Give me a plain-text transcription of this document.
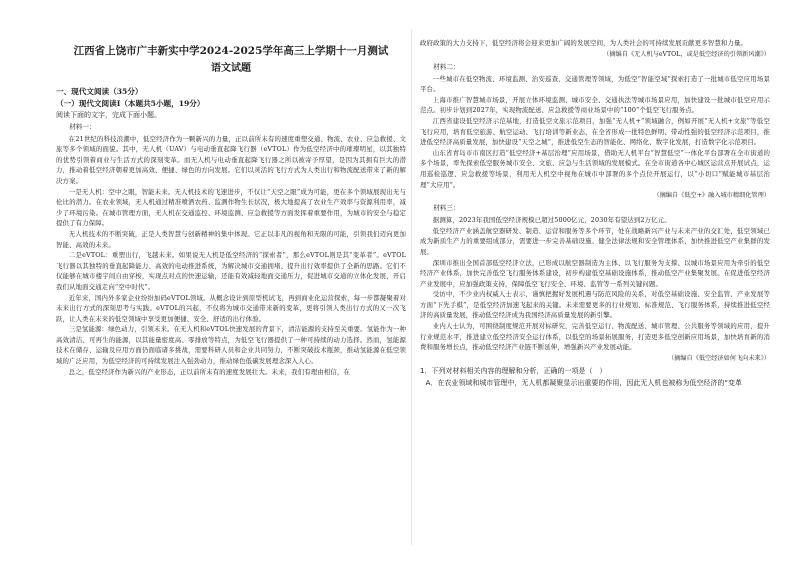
江西省上饶市广丰新实中学2024-2025学年高三上学期十一月测试
语文试题

一、现代文阅读（35分）

（一）现代文阅读Ⅰ（本题共5小题，19分）

阅读下面的文字，完成下面小题。

材料一：

在21世纪的科技浪潮中，低空经济作为一颗新兴的力量，正以前所未有的速度重塑交通、物流、农业、应急救援、文旅等多个领域的面貌。其中，无人机（UAV）与电动垂直起降飞行器（eVTOL）作为低空经济中的璀璨明星，以其独特的优势引领着商业与生活方式的深刻变革。而无人机与电动垂直起降飞行器之所以被寄予厚望，是因为其拥有巨大的潜力，推动着低空经济朝着更加高效、便捷、绿色的方向发展。它们以灵活的飞行方式为人类出行和物流配送带来了新的解决方案。

一是无人机：空中之眼，智能未来。无人机技术的飞速进步，不仅让“天空之眼”成为可能，更在多个领域展现出无与伦比的潜力。在农业领域，无人机通过精准喷洒农药、监测作物生长状况，极大地提高了农业生产效率与资源利用率，减少了环境污染。在城市管理方面，无人机在交通监控、环境监测、应急救援等方面发挥着重要作用，为城市的安全与稳定提供了有力保障。

无人机技术的不断突破，正是人类智慧与创新精神的集中体现。它正以非凡的视角和无限的可能，引领我们迈向更加智能、高效的未来。

二是eVTOL：重塑出行，飞越未来。如果说无人机是低空经济的“探索者”，那么eVTOL则是其“变革者”。eVTOL飞行器以其独特的垂直起降能力、高效的电动推进系统，为解决城市交通拥堵、提升出行效率提供了全新的思路。它们不仅能够在城市楼宇间自由穿梭，实现点对点的快速运输，还能有效减轻地面交通压力，促进城市交通的立体化发展，开启我们从地面交通走向“空中时代”。

近年来，国内外多家企业纷纷加码eVTOL领域。从概念设计到原型机试飞，再到商业化运营探索，每一步都凝聚着对未来出行方式的深刻思考与实践。eVTOL的兴起，不仅将为城市交通带来新的变革，更将引领人类出行方式的又一次飞跃，让人类在未来的低空领域中享受更加便捷、安全、舒适的出行体验。

三是氢能源：绿色动力，引领未来。在无人机和eVTOL快速发展的背景下，清洁能源的支持至关重要。氢能作为一种高效清洁、可再生的能源，以其能量密度高、零排放等特点，为低空飞行器提供了一种可持续的动力选择。然而，氢能源技术在储存、运输及应用方面仍面临诸多挑战，需要科研人员和企业共同努力，不断突破技术瓶颈，推动氢能源在低空领域的广泛应用，为低空经济的可持续发展注入强劲动力，推动绿色低碳发展理念深入人心。

总之，低空经济作为新兴的产业形态，正以前所未有的速度发展壮大。未来，我们有理由相信，在

政府政策的大力支持下，低空经济将会迎来更加广阔的发展空间，为人类社会的可持续发展贡献更多智慧和力量。

（摘编自《无人机与eVTOL，或是低空经济的引领新风潮》）

材料二：

一些城市在低空物流、环境监测、治安巡查、交通管理等领域，为低空“智能空域”探索打造了一批城市低空应用场景平台。

上海市推广智慧城市场景，开展立体环境监测、城市安全、交通执法等城市场景应用，加快建设一批城市低空应用示范点。初步计划到2027年，实现物流配送、应急救援等商业场景中的“100”个低空飞行服务点。

江西省建设低空经济示范基地，打造低空文旅示范项目，加强“无人机+”领域融合，例如开展“无人机+文旅”等低空飞行应用，培育低空旅游、航空运动、飞行培训等新业态，在全省形成一批特色鲜明、带动性强的低空经济示范项目，推进低空经济高质量发展，加快建设“天空之城”，推进低空生态的智能化、网络化、数字化发展，打造数字化示范项目。

山东省青岛市市南区打造“低空经济+基层治理”应用场景，借助无人机平台“智慧低空”一体化平台部署在全市街道的多个场景，率先探索低空服务城市安全、文旅、应急与生活领域的发展模式。在全市街道各中心城区运营点开展试点，运用巡检巡逻、应急救援等场景，利用无人机空中视角在城市中部署的多个点位开展运行，以“小切口”赋能城市基层治理“大应用”。

（摘编自《低空+》融入城市精细化管理）

材料三：

据测算，2023年我国低空经济规模已超过5000亿元，2030年有望达到2万亿元。

低空经济产业涵盖航空器研发、制造、运营和服务等多个环节，处在战略新兴产业与未来产业的交汇处，低空领域已成为新质生产力的重要组成部分，需要进一步完善基础设施、健全法律法规和安全管理体系，加快推进低空产业集群的发展。

深圳市推出全国首部低空经济立法，已形成以航空器制造为主体、以飞行服务为支撑、以城市场景应用为牵引的低空经济产业体系，加快完善低空飞行服务体系建设，初步构建低空基础设施体系，推动低空产业集聚发展。在促进低空经济产业发展中，应加强政策支持，保障低空飞行安全、环境、监管等一系列关键问题。

受访中，不少业内权威人士表示，谨慎把握好发展机遇与防范风险的关系，对低空基础设施、安全监管、产业发展等方面“下先手棋”，是低空经济加速飞起来的关键。未来需要更多的行业规划、标准规范、飞行服务体系，持续推进低空经济的高质量发展，推动低空经济成为我国经济高质量发展的新引擎。

业内人士认为，可围绕制度规范开展对标研究，完善低空运行、物流配送、城市管理、公共服务等领域的应用，提升行业规范水平，推进建立低空经济安全运行体系，以低空的场景拓展服务，打造更多低空创新应用场景，加快培育新的消费和服务增长点，推动低空经济产业链不断延伸，增强新兴产业发展动能。

（摘编自《低空经济如何飞向未来》）

1．下列对材料相关内容的理解和分析，正确的一项是（　）

A．在农业领域和城市管理中，无人机都凝聚显示出重要的作用，因此无人机也被称为低空经济的“变革
